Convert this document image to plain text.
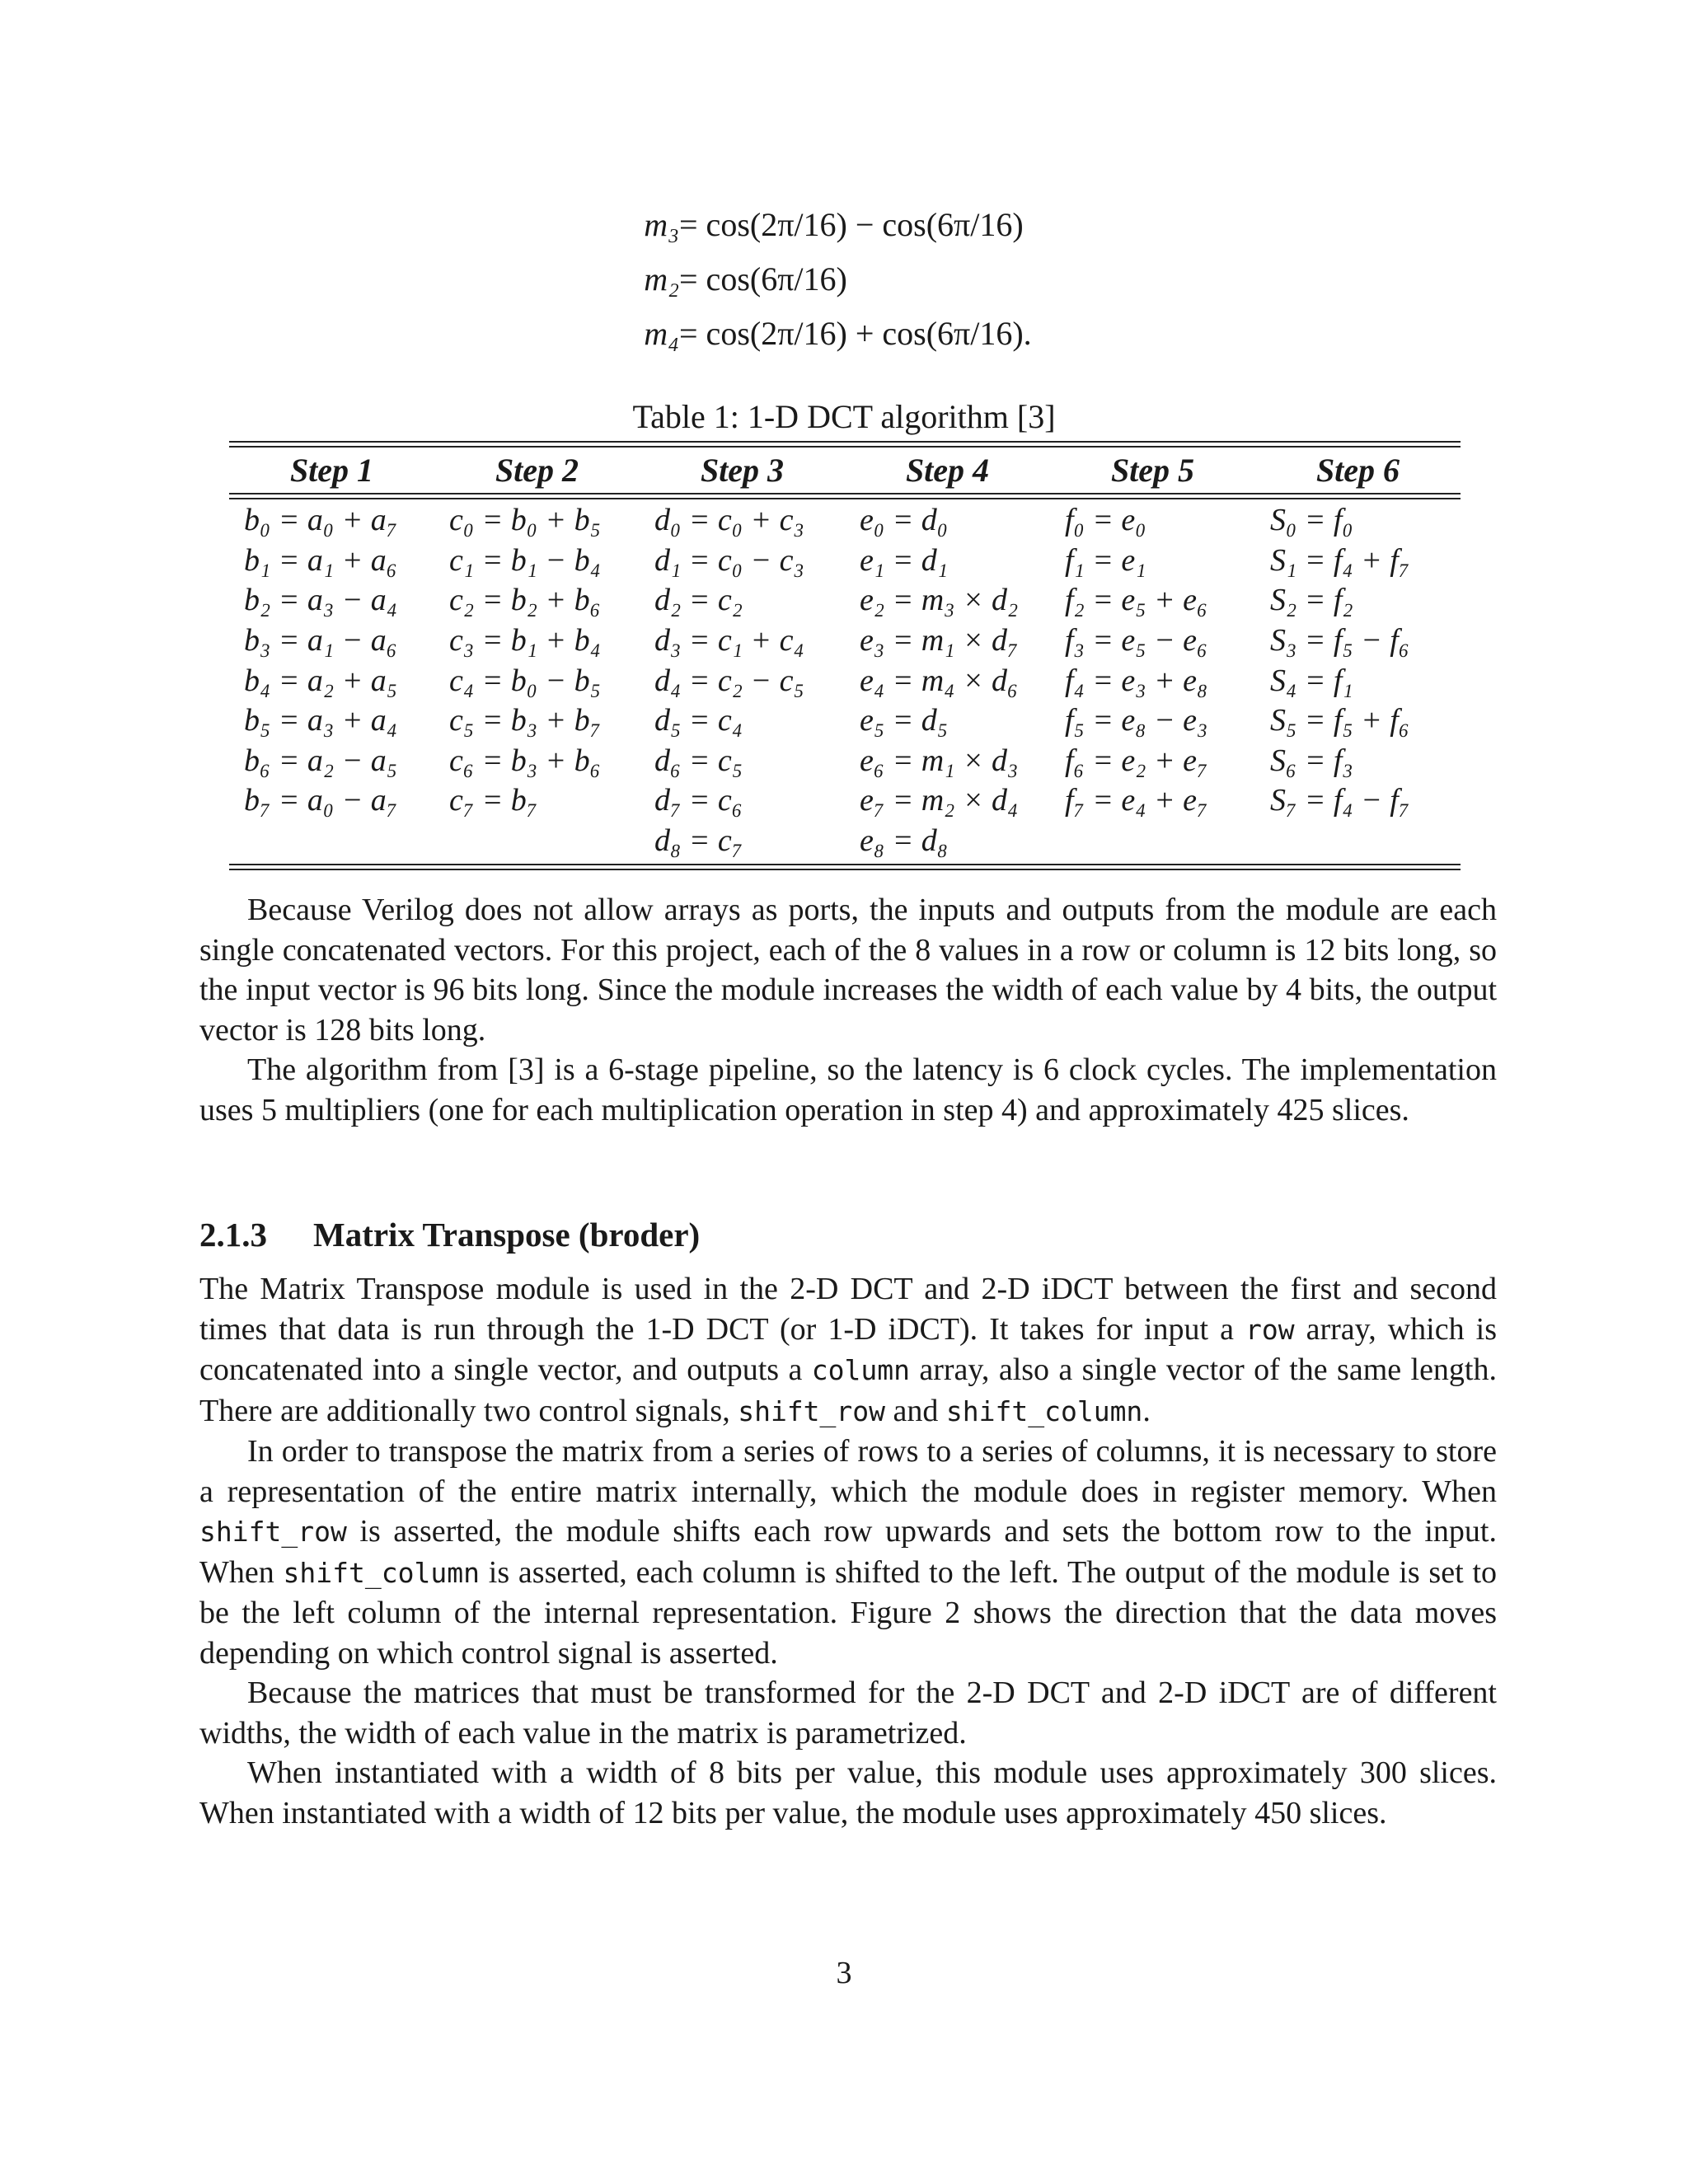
m₃= cos(2π/16) − cos(6π/16)
m₂= cos(6π/16)
m₄= cos(2π/16) + cos(6π/16).
Table 1: 1-D DCT algorithm [3]
Step 1	Step 2	Step 3	Step 4	Step 5	Step 6

b₀ = a₀ + a₇	c₀ = b₀ + b₅	d₀ = c₀ + c₃	e₀ = d₀	f₀ = e₀	S₀ = f₀
b₁ = a₁ + a₆	c₁ = b₁ − b₄	d₁ = c₀ − c₃	e₁ = d₁	f₁ = e₁	S₁ = f₄ + f₇
b₂ = a₃ − a₄	c₂ = b₂ + b₆	d₂ = c₂	e₂ = m₃ × d₂	f₂ = e₅ + e₆	S₂ = f₂
b₃ = a₁ − a₆	c₃ = b₁ + b₄	d₃ = c₁ + c₄	e₃ = m₁ × d₇	f₃ = e₅ − e₆	S₃ = f₅ − f₆
b₄ = a₂ + a₅	c₄ = b₀ − b₅	d₄ = c₂ − c₅	e₄ = m₄ × d₆	f₄ = e₃ + e₈	S₄ = f₁
b₅ = a₃ + a₄	c₅ = b₃ + b₇	d₅ = c₄	e₅ = d₅	f₅ = e₈ − e₃	S₅ = f₅ + f₆
b₆ = a₂ − a₅	c₆ = b₃ + b₆	d₆ = c₅	e₆ = m₁ × d₃	f₆ = e₂ + e₇	S₆ = f₃
b₇ = a₀ − a₇	c₇ = b₇	d₇ = c₆	e₇ = m₂ × d₄	f₇ = e₄ + e₇	S₇ = f₄ − f₇
		d₈ = c₇	e₈ = d₈		

Because Verilog does not allow arrays as ports, the inputs and outputs from the module are each single concatenated vectors. For this project, each of the 8 values in a row or column is 12 bits long, so the input vector is 96 bits long. Since the module increases the width of each value by 4 bits, the output vector is 128 bits long.

The algorithm from [3] is a 6-stage pipeline, so the latency is 6 clock cycles. The implementation uses 5 multipliers (one for each multiplication operation in step 4) and approximately 425 slices.

2.1.3 Matrix Transpose (broder)

The Matrix Transpose module is used in the 2-D DCT and 2-D iDCT between the first and second times that data is run through the 1-D DCT (or 1-D iDCT). It takes for input a row array, which is concatenated into a single vector, and outputs a column array, also a single vector of the same length. There are additionally two control signals, shift_row and shift_column.

In order to transpose the matrix from a series of rows to a series of columns, it is necessary to store a representation of the entire matrix internally, which the module does in register memory. When shift_row is asserted, the module shifts each row upwards and sets the bottom row to the input. When shift_column is asserted, each column is shifted to the left. The output of the module is set to be the left column of the internal representation. Figure 2 shows the direction that the data moves depending on which control signal is asserted.

Because the matrices that must be transformed for the 2-D DCT and 2-D iDCT are of different widths, the width of each value in the matrix is parametrized.

When instantiated with a width of 8 bits per value, this module uses approximately 300 slices. When instantiated with a width of 12 bits per value, the module uses approximately 450 slices.

3
